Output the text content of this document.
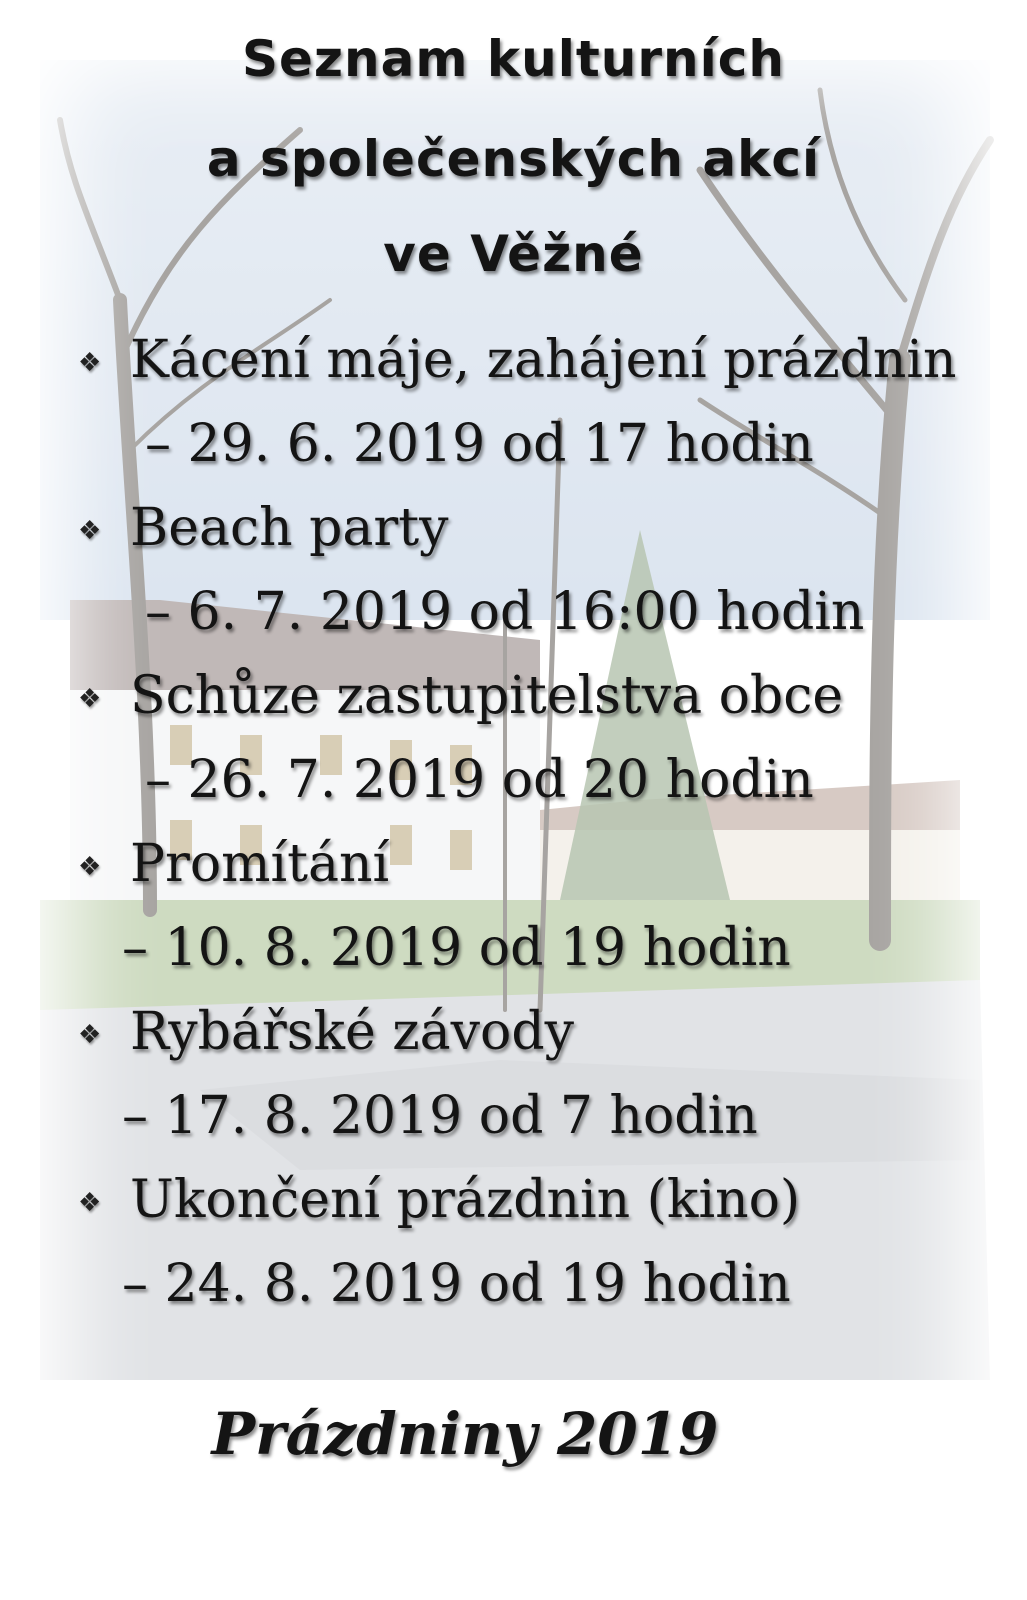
Seznam kulturních
a společenských akcí
ve Věžné
❖ Kácení máje, zahájení prázdnin
– 29. 6. 2019 od 17 hodin
❖ Beach party
– 6. 7. 2019 od 16:00 hodin
❖ Schůze zastupitelstva obce
– 26. 7. 2019 od 20 hodin
❖ Promítání
– 10. 8. 2019 od 19 hodin
❖ Rybářské závody
– 17. 8. 2019 od 7 hodin
❖ Ukončení prázdnin (kino)
– 24. 8. 2019 od 19 hodin
Prázdniny 2019
